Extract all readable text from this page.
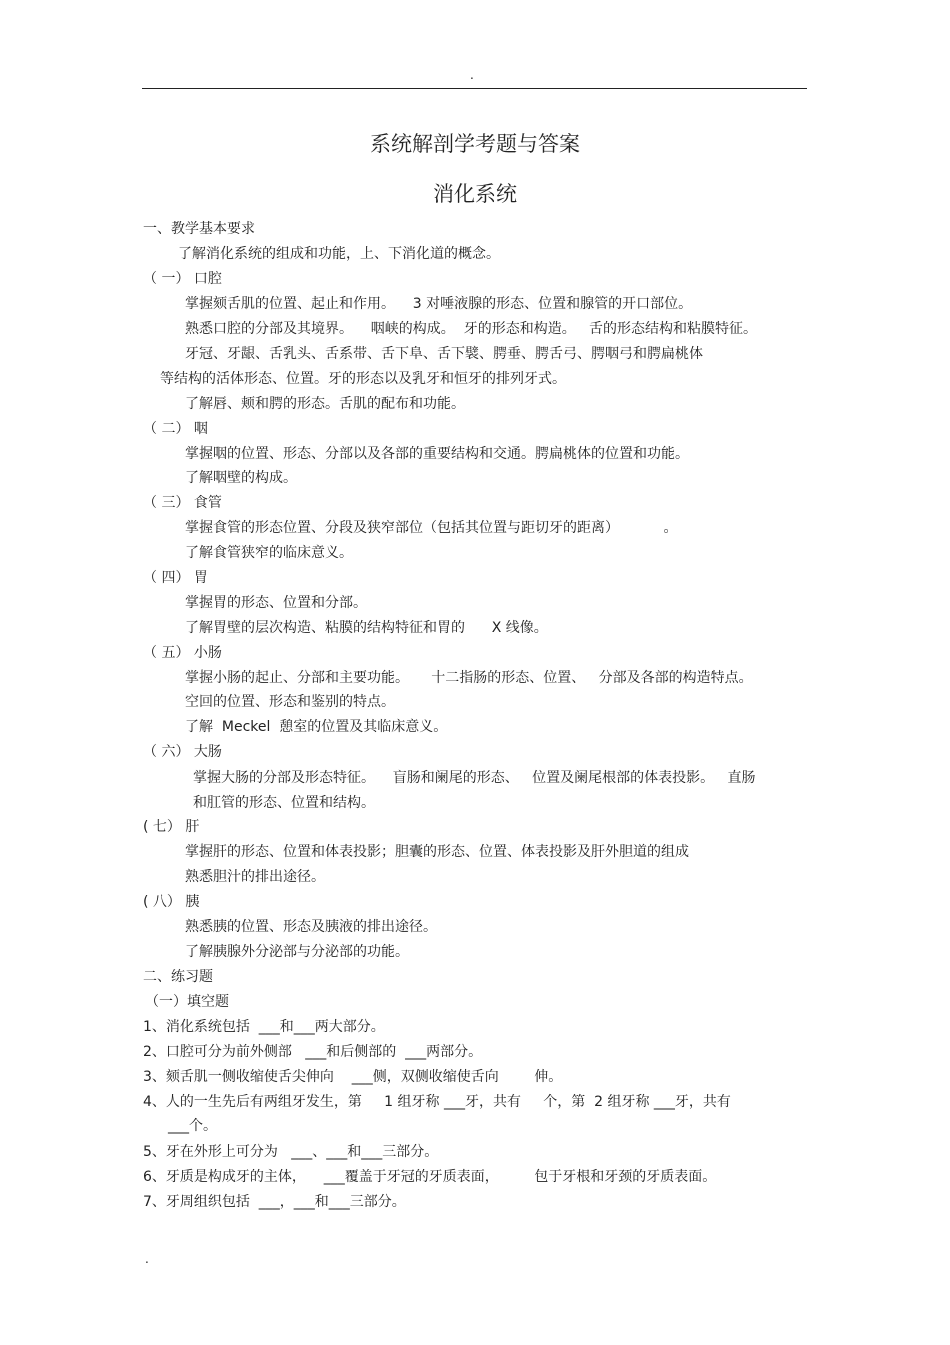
.
系统解剖学考题与答案
消化系统
一、教学基本要求
了解消化系统的组成和功能，上、下消化道的概念。
（ 一） 口腔
掌握颏舌肌的位置、起止和作用。    3 对唾液腺的形态、位置和腺管的开口部位。
熟悉口腔的分部及其境界。    咽峡的构成。  牙的形态和构造。   舌的形态结构和粘膜特征。
牙冠、牙龈、舌乳头、舌系带、舌下阜、舌下襞、腭垂、腭舌弓、腭咽弓和腭扁桃体
等结构的活体形态、位置。牙的形态以及乳牙和恒牙的排列牙式。
了解唇、颊和腭的形态。舌肌的配布和功能。
（ 二） 咽
掌握咽的位置、形态、分部以及各部的重要结构和交通。腭扁桃体的位置和功能。
了解咽壁的构成。
（ 三） 食管
掌握食管的形态位置、分段及狭窄部位（包括其位置与距切牙的距离）          。
了解食管狭窄的临床意义。
（ 四） 胃
掌握胃的形态、位置和分部。
了解胃壁的层次构造、粘膜的结构特征和胃的      X 线像。
（ 五） 小肠
掌握小肠的起止、分部和主要功能。     十二指肠的形态、位置、   分部及各部的构造特点。
空回的位置、形态和鉴别的特点。
了解  Meckel  憩室的位置及其临床意义。
（ 六） 大肠
掌握大肠的分部及形态特征。    盲肠和阑尾的形态、   位置及阑尾根部的体表投影。   直肠
和肛管的形态、位置和结构。
( 七） 肝
掌握肝的形态、位置和体表投影；胆囊的形态、位置、体表投影及肝外胆道的组成
熟悉胆汁的排出途径。
( 八） 胰
熟悉胰的位置、形态及胰液的排出途径。
了解胰腺外分泌部与分泌部的功能。
二、练习题
（一）填空题
1、消化系统包括  ___和___两大部分。
2、口腔可分为前外侧部   ___和后侧部的  ___两部分。
3、颏舌肌一侧收缩使舌尖伸向    ___侧，双侧收缩使舌向        伸。
4、人的一生先后有两组牙发生，第     1 组牙称 ___牙，共有     个，第  2 组牙称 ___牙，共有
___个。
5、牙在外形上可分为   ___、___和___三部分。
6、牙质是构成牙的主体，    ___覆盖于牙冠的牙质表面，        包于牙根和牙颈的牙质表面。
7、牙周组织包括  ___，___和___三部分。
.
